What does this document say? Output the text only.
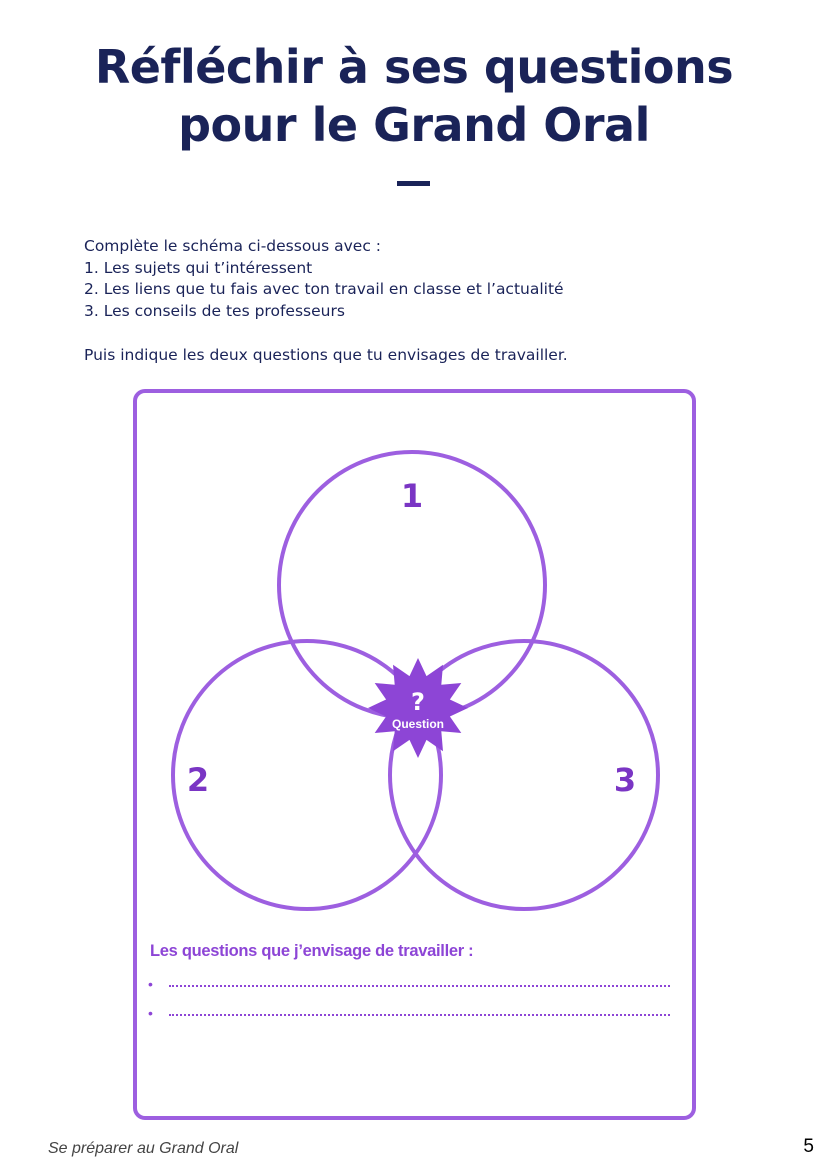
Réfléchir à ses questions
pour le Grand Oral
Complète le schéma ci-dessous avec :
1. Les sujets qui t’intéressent
2. Les liens que tu fais avec ton travail en classe et l’actualité
3. Les conseils de tes professeurs
Puis indique les deux questions que tu envisages de travailler.
1
2	3
?
Question
Les questions que j’envisage de travailler :
•
•
Se préparer au Grand Oral	5
